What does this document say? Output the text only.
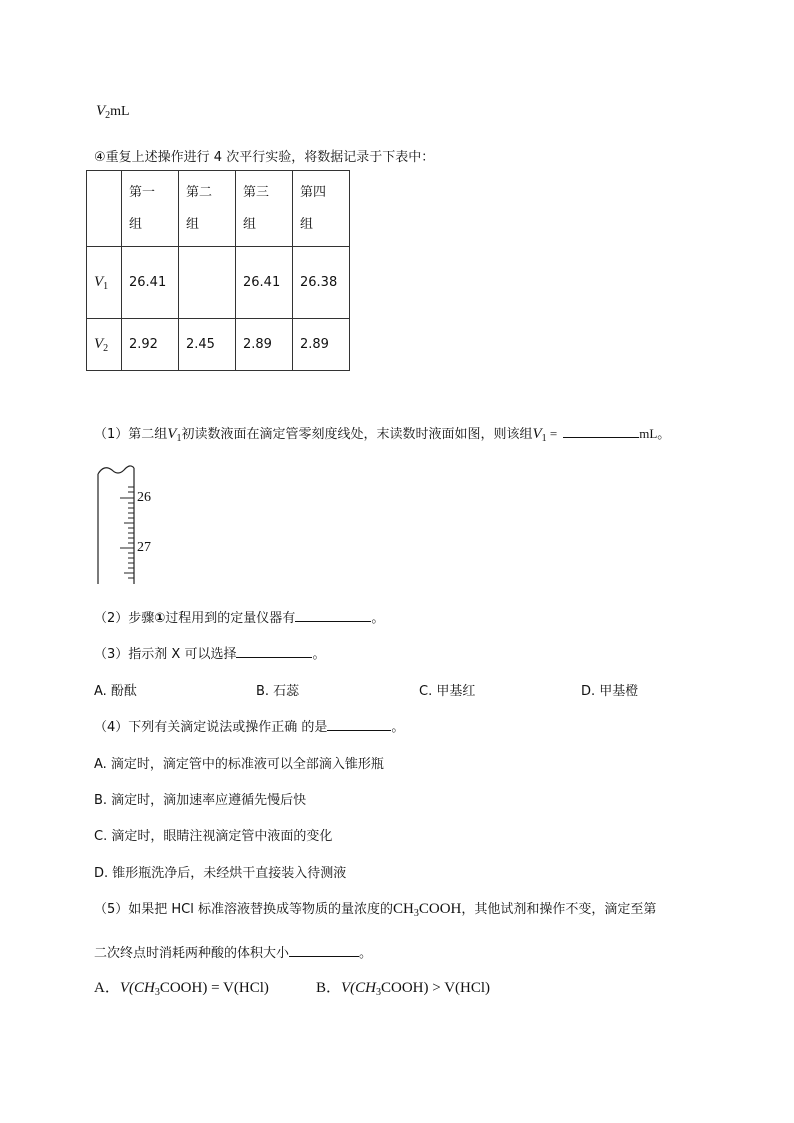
$V_2mL$
④重复上述操作进行 4 次平行实验，将数据记录于下表中：
	第一
组	第二
组	第三
组	第四
组
$V_1$	26.41		26.41	26.38
$V_2$	2.92	2.45	2.89	2.89
（1）第二组$V_1$初读数液面在滴定管零刻度线处，末读数时液面如图，则该组$V_1$ =	mL。
26
27
（2）步骤①过程用到的定量仪器有	。
（3）指示剂 X 可以选择	。
A. 酚酞	B. 石蕊	C. 甲基红	D. 甲基橙
（4）下列有关滴定说法或操作正确 的是	。
A. 滴定时，滴定管中的标准液可以全部滴入锥形瓶
B. 滴定时，滴加速率应遵循先慢后快
C. 滴定时，眼睛注视滴定管中液面的变化
D. 锥形瓶洗净后，未经烘干直接装入待测液
（5）如果把 HCl 标准溶液替换成等物质的量浓度的$CH_3COOH$，其他试剂和操作不变，滴定至第
二次终点时消耗两种酸的体积大小	。
A．$V(CH_3COOH) = V(HCl)$	B．$V(CH_3COOH) > V(HCl)$
